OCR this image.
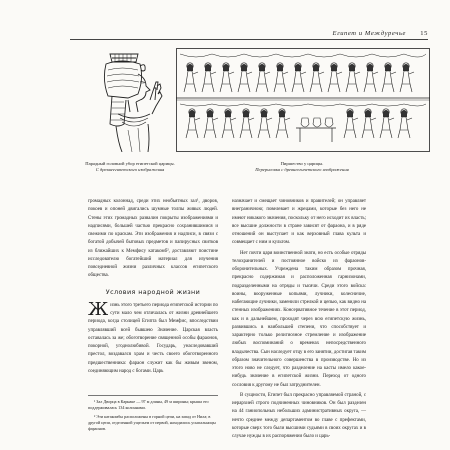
Египет и Междуречье 15
Парадный головной убор египетской царицы.
С древнеегипетского изображения
Пиршество у царицы.
Перерисовка с древнеегипетского изображения

громадных колоннад, среди этих необъятных зал¹, дворов, покоев и опоней двигались шумные толпы живых людей. Стены этих громадных развалин покрыты изображениями и надписями, большей частью прекрасно сохранившимися и свежими по краскам. Эти изображения и надписи, в связи с богатой добычей бытовых предметов и папирусных свитков из ближайших к Мемфису катакомб², доставляют поистине исследователю богатейший материал для изучения повседневной жизни различных классов египетского общества.

Условия народной жизни

Жизнь этого третьего периода египетской истории по сути мало чем отличалась от жизни древнейшего периода, когда столицей Египта был Мемфис, впоследствии управлявший всей бывшею Значение. Царская власть оставалась за же; обоготворение священной особы фараонов, покорной, угоднолюбивой. Государь, унаследовавший престол, воздавался храм и честь своего обоготворенного предшественника: фараон служит как бы живым звеном, соединяющим народ с богами. Царь

¹ Зал Дворца в Карнаке — 97 м длины, 49 м ширины; крыша его поддерживалась 134 колоннами.

² Эти катакомбы расположены в горной цепи, на запад от Нила; в другой цепи, отделенной ущельем от первой, находились усыпальницы фараонов.

назначает и смещает чиновников и правителей; он управляет внеграничною; повелевает и жрецами, которые без него не имеют никакого значения, поскольку от него исходит их власть; все высшие должности в стране зависят от фараона, и в ряде отношений он выступает и как верховный глава культа и совмещает с ним и культом.

Нет почти царя воинственной знати, но есть особые отряды телохранителей и постоянное войско из фараонов-оборонительных. Учреждена таким образом прочная, прекрасно содержимая и расположенная гарнизонами, подразделенными на отряды и тысячи. Среди этого войска: воины, вооруженные копьями, лучники, колесничие, набегающие лучники, заменили стрелкой и цепью, как видно на стенных изображениях. Консервативное течение в этот период, как и в дальнейшем, проходят через всю египетскую жизнь, развившись в наибольшей степени, что способствует и характерно только религиозное стремление и изображение любых воспоминаний о временах непосредственного владычества. Сын наследует отцу в его занятии, достигая таким образом значительного совершенства в производстве. Но из этого ново не следует, что разделение на касты имело какое-нибудь значение в египетской жизни. Переход от одного сословия к другому не был затруднителен.

В сущности, Египет был прекрасно управляемой страной, с иерархией строго подчиненных чиновников. Он был разделен на 44 ганиопольных небольших административных округа, — нечто среднее между департаментом во главе с префектами, которые сверх того были высшими судьями в своих округах и в случае нужды в их распоряжении было и царь-
